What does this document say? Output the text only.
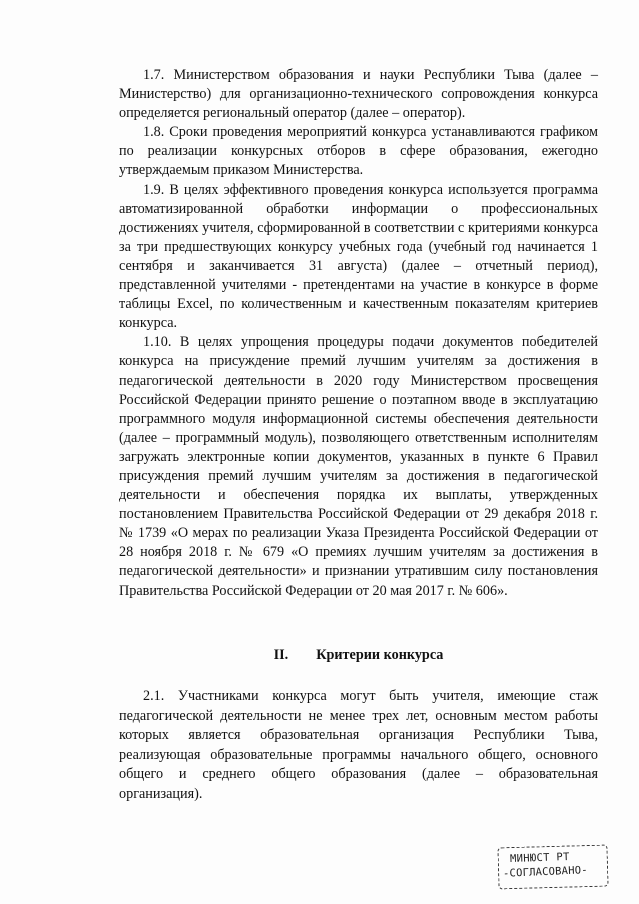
1.7. Министерством образования и науки Республики Тыва (далее – Министерство) для организационно-технического сопровождения конкурса определяется региональный оператор (далее – оператор).

1.8. Сроки проведения мероприятий конкурса устанавливаются графиком по реализации конкурсных отборов в сфере образования, ежегодно утверждаемым приказом Министерства.

1.9. В целях эффективного проведения конкурса используется программа автоматизированной обработки информации о профессиональных достижениях учителя, сформированной в соответствии с критериями конкурса за три предшествующих конкурсу учебных года (учебный год начинается 1 сентября и заканчивается 31 августа) (далее – отчетный период), представленной учителями - претендентами на участие в конкурсе в форме таблицы Excel, по количественным и качественным показателям критериев конкурса.

1.10. В целях упрощения процедуры подачи документов победителей конкурса на присуждение премий лучшим учителям за достижения в педагогической деятельности в 2020 году Министерством просвещения Российской Федерации принято решение о поэтапном вводе в эксплуатацию программного модуля информационной системы обеспечения деятельности (далее – программный модуль), позволяющего ответственным исполнителям загружать электронные копии документов, указанных в пункте 6 Правил присуждения премий лучшим учителям за достижения в педагогической деятельности и обеспечения порядка их выплаты, утвержденных постановлением Правительства Российской Федерации от 29 декабря 2018 г. № 1739 «О мерах по реализации Указа Президента Российской Федерации от 28 ноября 2018 г. № 679 «О премиях лучшим учителям за достижения в педагогической деятельности» и признании утратившим силу постановления Правительства Российской Федерации от 20 мая 2017 г. № 606».

II. Критерии конкурса

2.1. Участниками конкурса могут быть учителя, имеющие стаж педагогической деятельности не менее трех лет, основным местом работы которых является образовательная организация Республики Тыва, реализующая образовательные программы начального общего, основного общего и среднего общего образования (далее – образовательная организация).

МИНЮСТ РТ
-СОГЛАСОВАНО-
